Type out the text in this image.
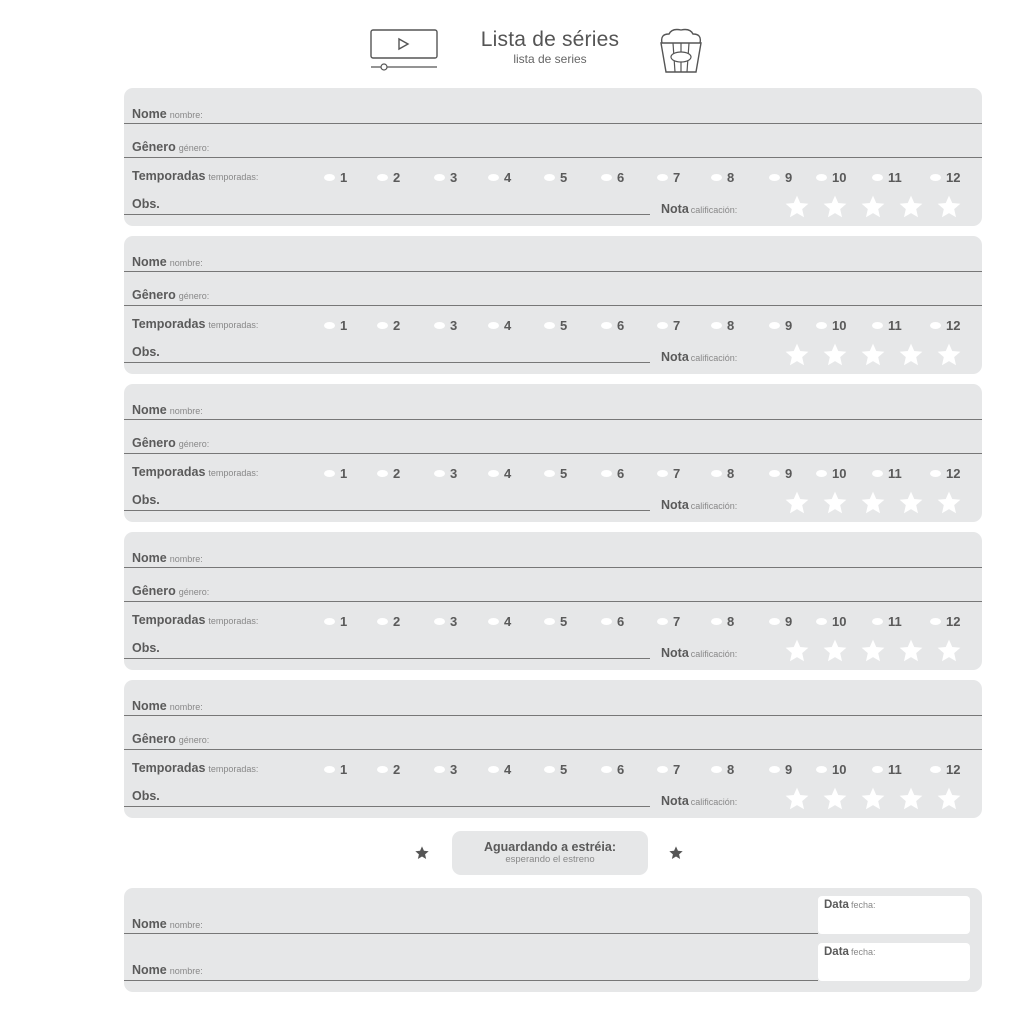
Lista de séries
lista de series
Nome nombre:
Gênero género:
Temporadas temporadas:	1	2	3	4	5	6	7	8	9	10	11	12
Obs.	Nota calificación:
Nome nombre:
Gênero género:
Temporadas temporadas:	1	2	3	4	5	6	7	8	9	10	11	12
Obs.	Nota calificación:
Nome nombre:
Gênero género:
Temporadas temporadas:	1	2	3	4	5	6	7	8	9	10	11	12
Obs.	Nota calificación:
Nome nombre:
Gênero género:
Temporadas temporadas:	1	2	3	4	5	6	7	8	9	10	11	12
Obs.	Nota calificación:
Nome nombre:
Gênero género:
Temporadas temporadas:	1	2	3	4	5	6	7	8	9	10	11	12
Obs.	Nota calificación:
Aguardando a estréia:
esperando el estreno
Nome nombre:
Data fecha:
Nome nombre:
Data fecha:
